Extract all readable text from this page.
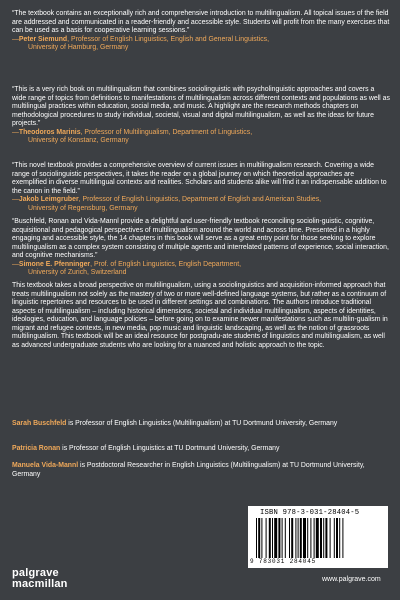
“The textbook contains an exceptionally rich and comprehensive introduction to multilingualism. All topical issues of the field are addressed and communicated in a reader-friendly and accessible style. Students will profit from the many exercises that can be used as a basis for cooperative learning sessions.”

—Peter Siemund, Professor of English Linguistics, English and General Linguistics,
University of Hamburg, Germany

“This is a very rich book on multilingualism that combines sociolinguistic with psycholinguistic approaches and covers a wide range of topics from definitions to manifestations of multilingualism across different contexts and populations as well as multilingual practices within education, social media, and music. A highlight are the research methods chapters on methodological procedures to study individual, societal, visual and digital multilingualism, as well as the ideas for future projects.”

—Theodoros Marinis, Professor of Multilingualism, Department of Linguistics,
University of Konstanz, Germany

“This novel textbook provides a comprehensive overview of current issues in multilingualism research. Covering a wide range of sociolinguistic perspectives, it takes the reader on a global journey on which theoretical approaches are exemplified in diverse multilingual contexts and realities. Scholars and students alike will find it an indispensable addition to the canon in the field.”

—Jakob Leimgruber, Professor of English Linguistics, Department of English and American Studies,
University of Regensburg, Germany

“Buschfeld, Ronan and Vida-Mannl provide a delightful and user-friendly textbook reconciling sociolin-guistic, cognitive, acquisitional and pedagogical perspectives of multilingualism around the world and across time. Presented in a highly engaging and accessible style, the 14 chapters in this book will serve as a great entry point for those seeking to explore multilingualism as a complex system consisting of multiple agents and interrelated patterns of experience, social interaction, and cognitive mechanisms.”

—Simone E. Pfenninger, Prof. of English Linguistics, English Department,
University of Zurich, Switzerland

This textbook takes a broad perspective on multilingualism, using a sociolinguistics and acquisition-informed approach that treats multilingualism not solely as the mastery of two or more well-defined language systems, but rather as a continuum of linguistic repertoires and resources to be used in different settings and combinations. The authors introduce traditional aspects of multilingualism – including historical dimensions, societal and individual multilingualism, aspects of identities, ideologies, education, and language policies – before going on to examine newer manifestations such as multilin-gualism in migrant and refugee contexts, in new media, pop music and linguistic landscaping, as well as the notion of grassroots multilingualism. This textbook will be an ideal resource for postgradu-ate students of linguistics and multilingualism, as well as advanced undergraduate students who are looking for a nuanced and holistic approach to the topic.

Sarah Buschfeld is Professor of English Linguistics (Multilingualism) at TU Dortmund University, Germany

Patricia Ronan is Professor of English Linguistics at TU Dortmund University, Germany

Manuela Vida-Mannl is Postdoctoral Researcher in English Linguistics (Multilingualism) at TU Dortmund University, Germany

ISBN 978-3-031-28404-5
9 783031 284045
palgrave
macmillan	www.palgrave.com
